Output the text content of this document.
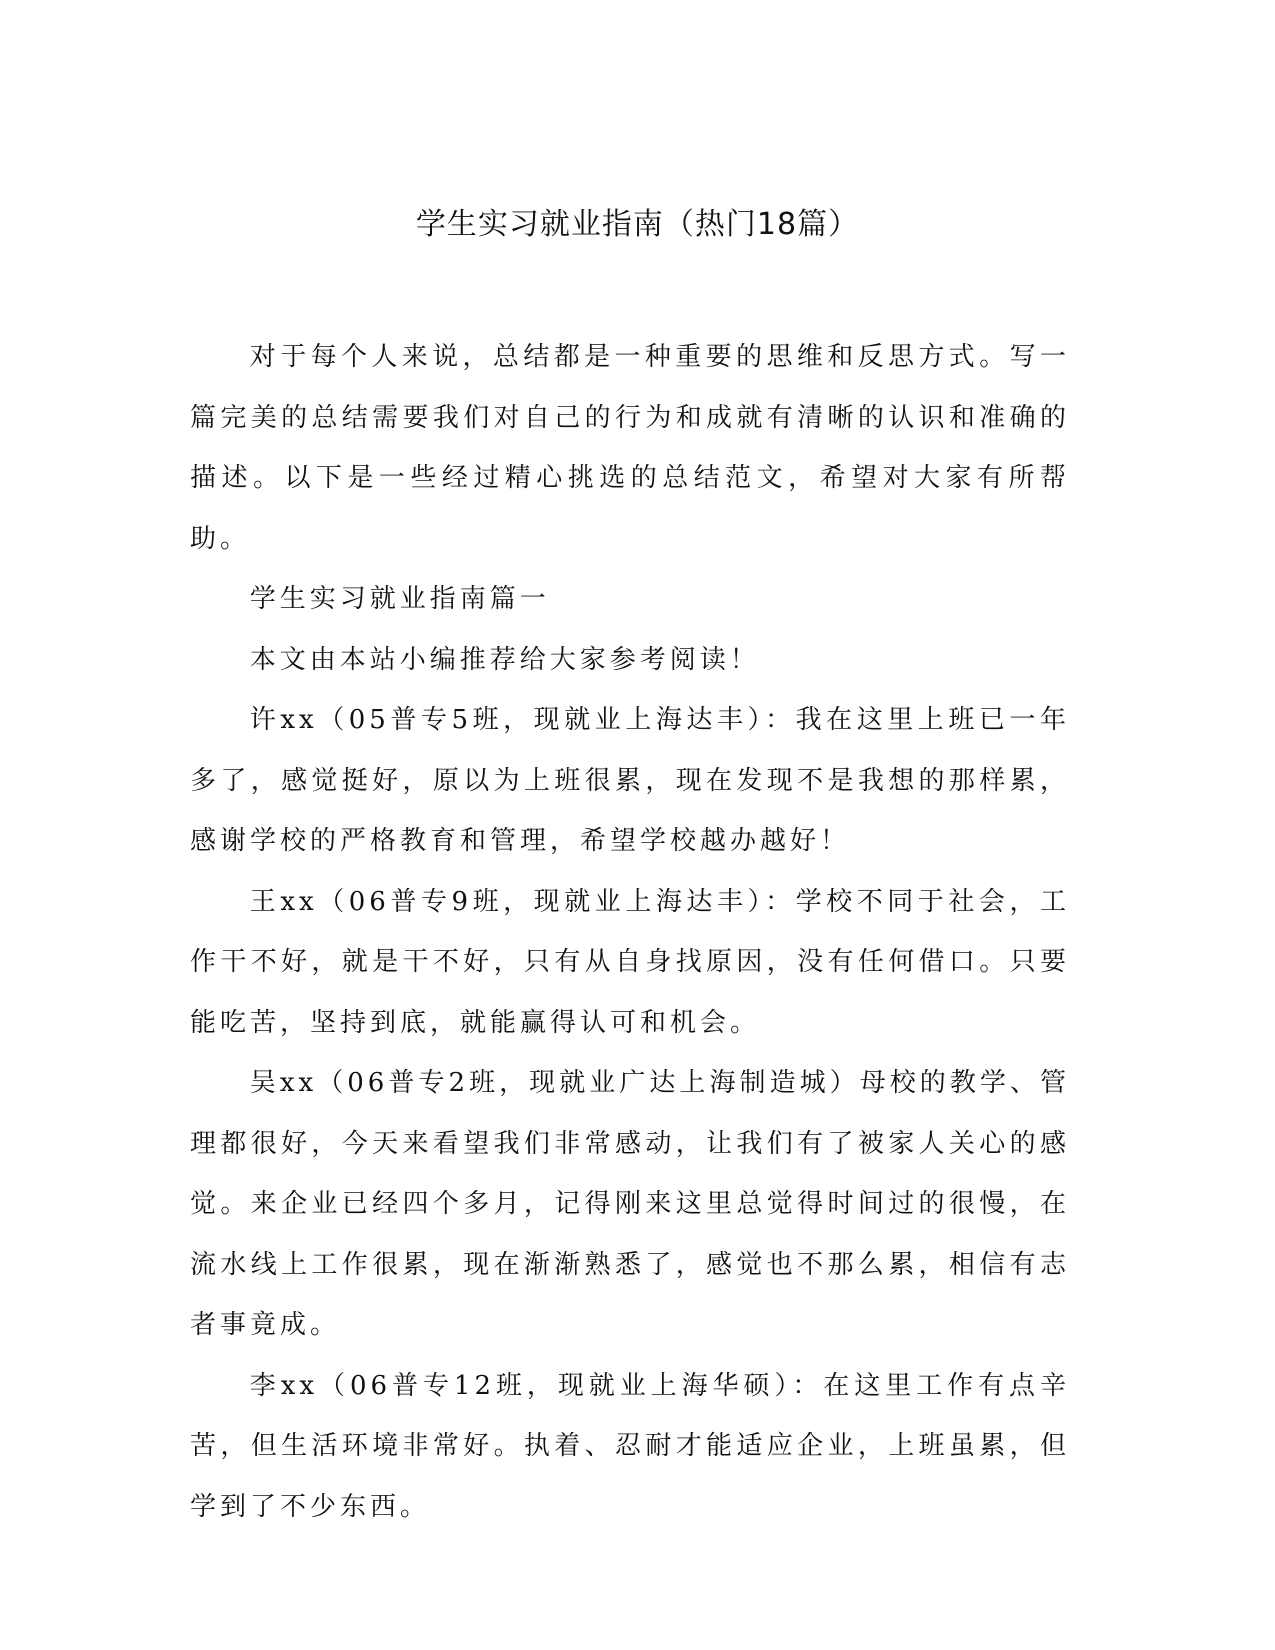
学生实习就业指南（热门18篇）

对于每个人来说，总结都是一种重要的思维和反思方式。写一篇完美的总结需要我们对自己的行为和成就有清晰的认识和准确的描述。以下是一些经过精心挑选的总结范文，希望对大家有所帮助。

学生实习就业指南篇一

本文由本站小编推荐给大家参考阅读！

许xx（05普专5班，现就业上海达丰）：我在这里上班已一年多了，感觉挺好，原以为上班很累，现在发现不是我想的那样累，感谢学校的严格教育和管理，希望学校越办越好！

王xx（06普专9班，现就业上海达丰）：学校不同于社会，工作干不好，就是干不好，只有从自身找原因，没有任何借口。只要能吃苦，坚持到底，就能赢得认可和机会。

吴xx（06普专2班，现就业广达上海制造城）母校的教学、管理都很好，今天来看望我们非常感动，让我们有了被家人关心的感觉。来企业已经四个多月，记得刚来这里总觉得时间过的很慢，在流水线上工作很累，现在渐渐熟悉了，感觉也不那么累，相信有志者事竟成。

李xx（06普专12班，现就业上海华硕）：在这里工作有点辛苦，但生活环境非常好。执着、忍耐才能适应企业，上班虽累，但学到了不少东西。
